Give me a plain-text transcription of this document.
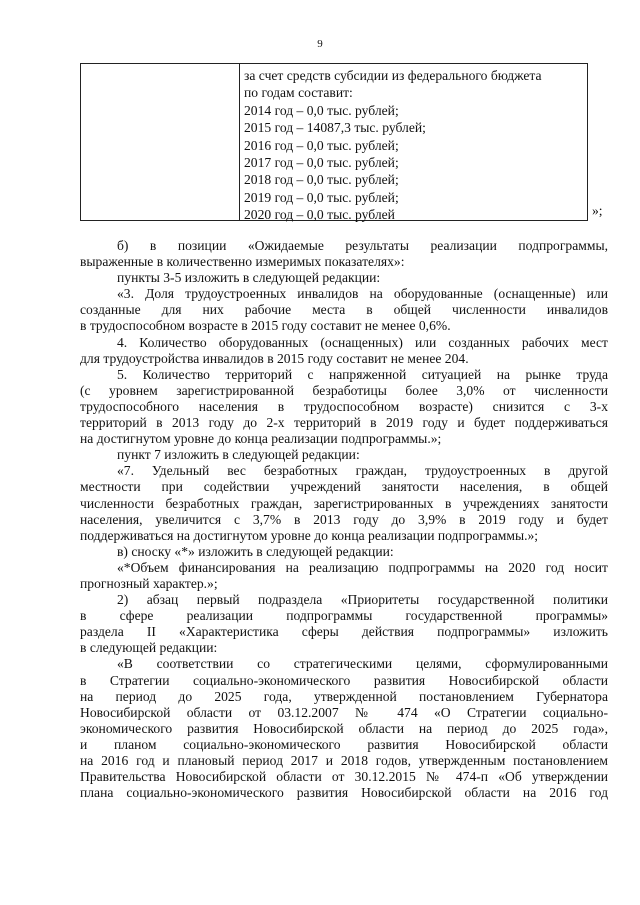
9
за счет средств субсидии из федерального бюджета
по годам составит:
2014 год – 0,0 тыс. рублей;
2015 год – 14087,3 тыс. рублей;
2016 год – 0,0 тыс. рублей;
2017 год – 0,0 тыс. рублей;
2018 год – 0,0 тыс. рублей;
2019 год – 0,0 тыс. рублей;
2020 год – 0,0 тыс. рублей	»;

б) в позиции «Ожидаемые результаты реализации подпрограммы,

выраженные в количественно измеримых показателях»:

пункты 3-5 изложить в следующей редакции:

«3. Доля трудоустроенных инвалидов на оборудованные (оснащенные) или

созданные для них рабочие места в общей численности инвалидов

в трудоспособном возрасте в 2015 году составит не менее 0,6%.

4. Количество оборудованных (оснащенных) или созданных рабочих мест

для трудоустройства инвалидов в 2015 году составит не менее 204.

5. Количество территорий с напряженной ситуацией на рынке труда

(с уровнем зарегистрированной безработицы более 3,0% от численности

трудоспособного населения в трудоспособном возрасте) снизится с 3-х

территорий в 2013 году до 2-х территорий в 2019 году и будет поддерживаться

на достигнутом уровне до конца реализации подпрограммы.»;

пункт 7 изложить в следующей редакции:

«7. Удельный вес безработных граждан, трудоустроенных в другой

местности при содействии учреждений занятости населения, в общей

численности безработных граждан, зарегистрированных в учреждениях занятости

населения, увеличится с 3,7% в 2013 году до 3,9% в 2019 году и будет

поддерживаться на достигнутом уровне до конца реализации подпрограммы.»;

в) сноску «*» изложить в следующей редакции:

«*Объем финансирования на реализацию подпрограммы на 2020 год носит

прогнозный характер.»;

2) абзац первый подраздела «Приоритеты государственной политики

в сфере реализации подпрограммы государственной программы»

раздела II «Характеристика сферы действия подпрограммы» изложить

в следующей редакции:

«В соответствии со стратегическими целями, сформулированными

в Стратегии социально-экономического развития Новосибирской области

на период до 2025 года, утвержденной постановлением Губернатора

Новосибирской области от 03.12.2007 № 474 «О Стратегии социально-

экономического развития Новосибирской области на период до 2025 года»,

и планом социально-экономического развития Новосибирской области

на 2016 год и плановый период 2017 и 2018 годов, утвержденным постановлением

Правительства Новосибирской области от 30.12.2015 № 474-п «Об утверждении

плана социально-экономического развития Новосибирской области на 2016 год
